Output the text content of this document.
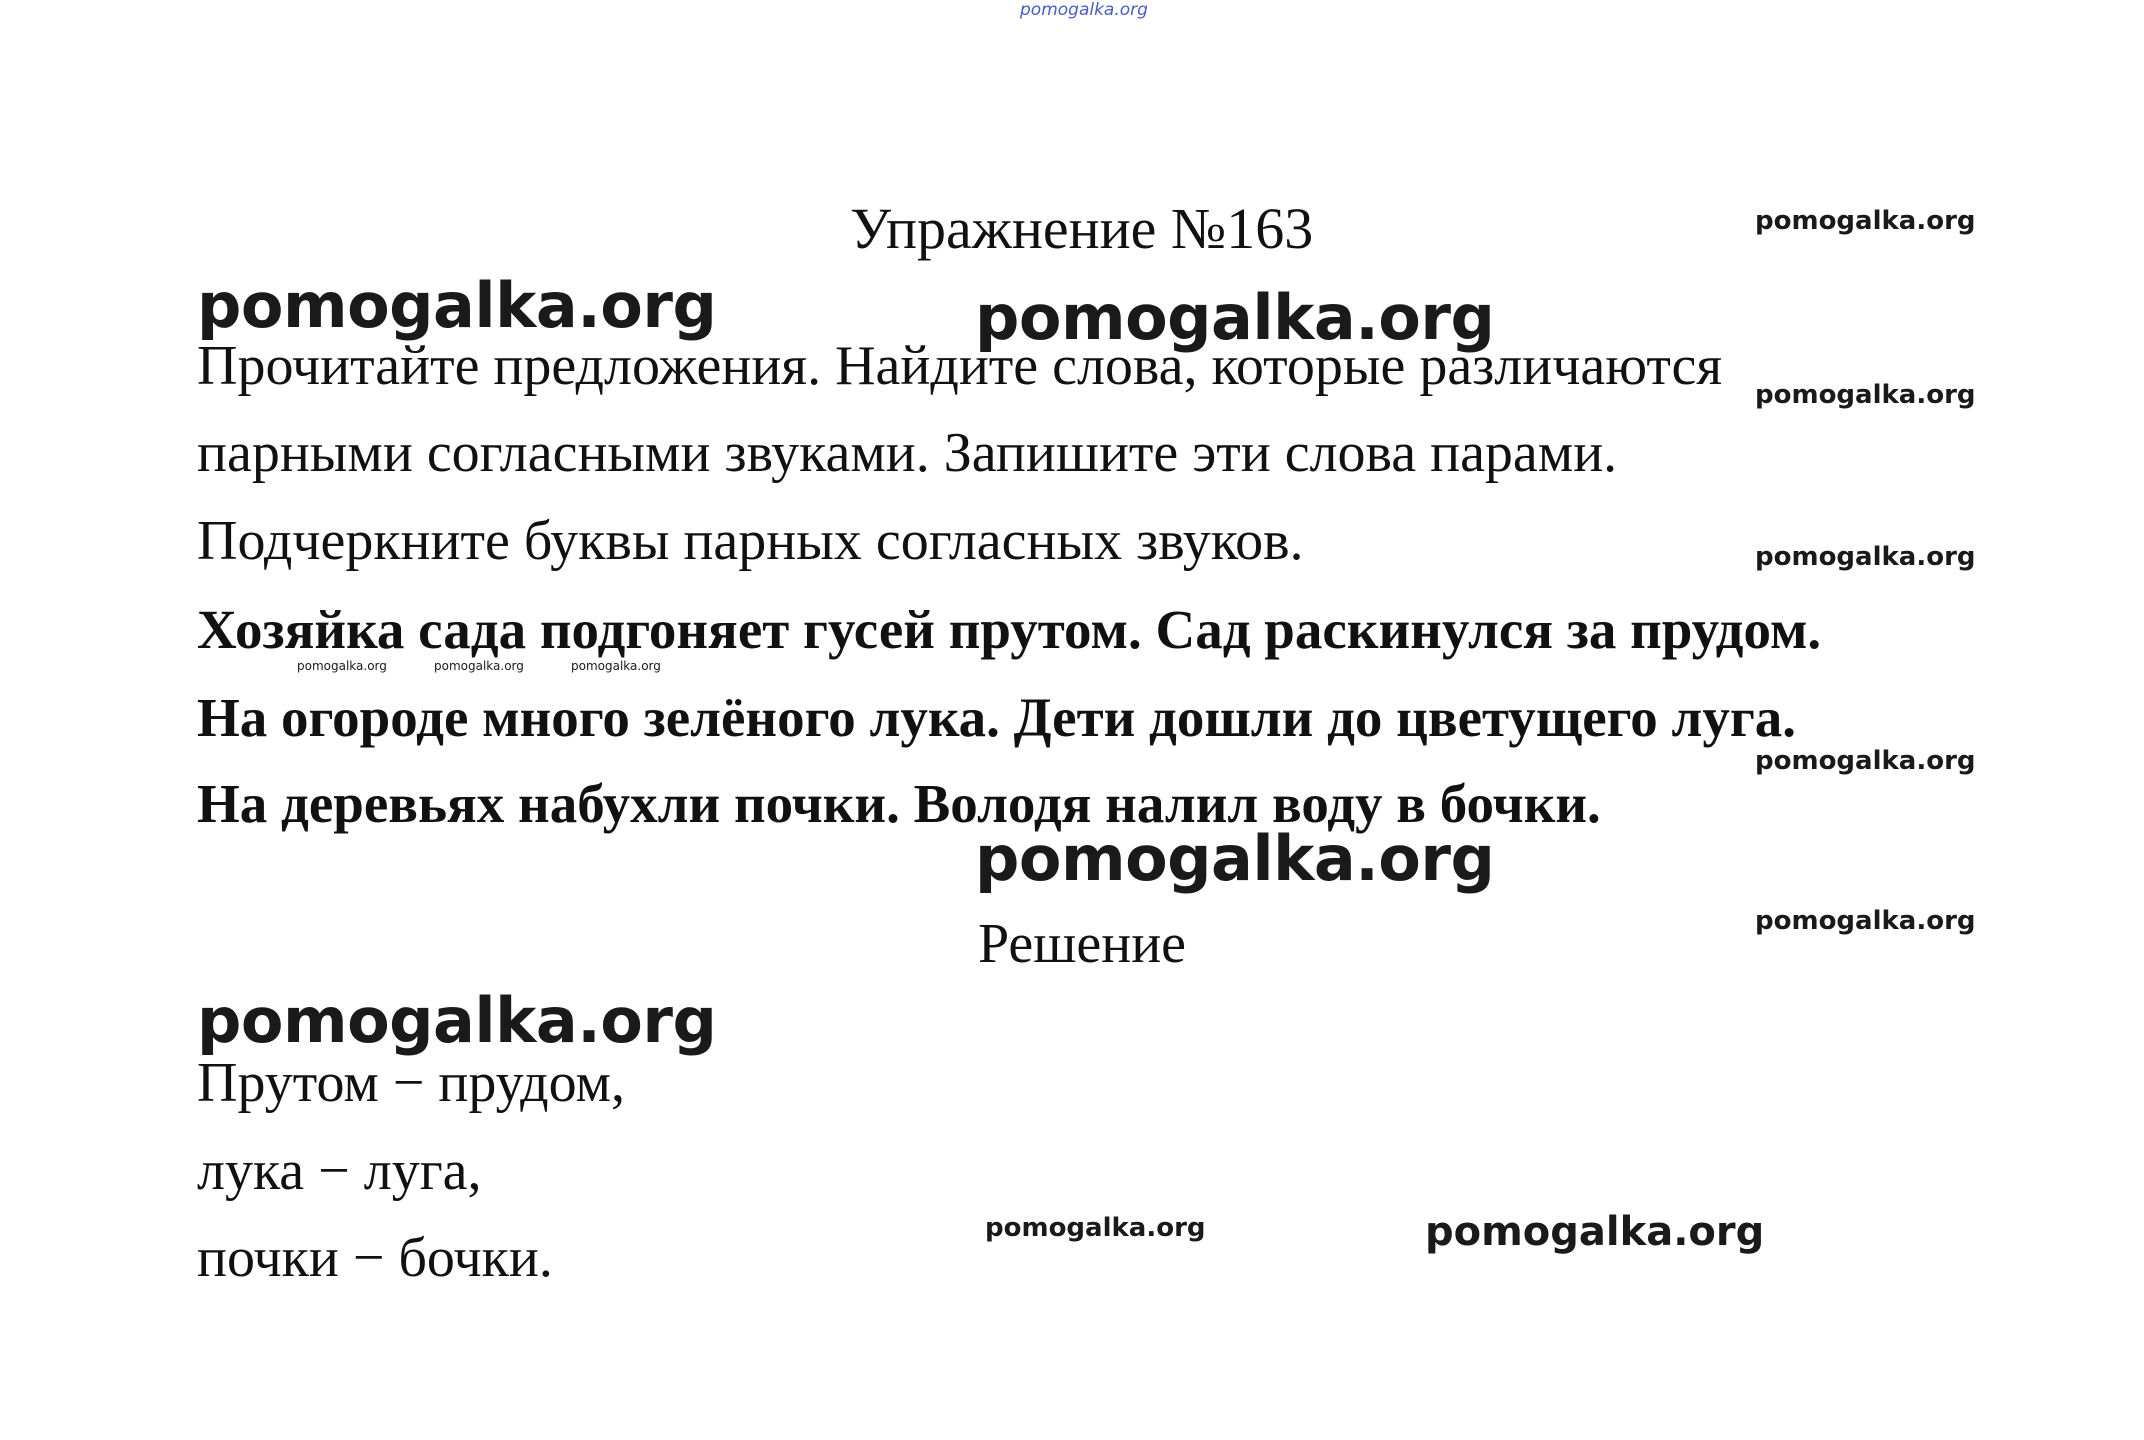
pomogalka.org
Упражнение №163	pomogalka.org
pomogalka.org	pomogalka.org
Прочитайте предложения. Найдите слова, которые различаются pomogalka.org
парными согласными звуками. Запишите эти слова парами.
Подчеркните буквы парных согласных звуков.	pomogalka.org
Хозяйка сада подгоняет гусей прутом. Сад раскинулся за прудом.
pomogalka.org	pomogalka.org	pomogalka.org
На огороде много зелёного лука. Дети дошли до цветущего луга.
pomogalka.org
На деревьях набухли почки. Володя налил воду в бочки.
pomogalka.org
Решение	pomogalka.org
pomogalka.org
Прутом − прудом,
лука − луга,
почки − бочки.	pomogalka.org	pomogalka.org
